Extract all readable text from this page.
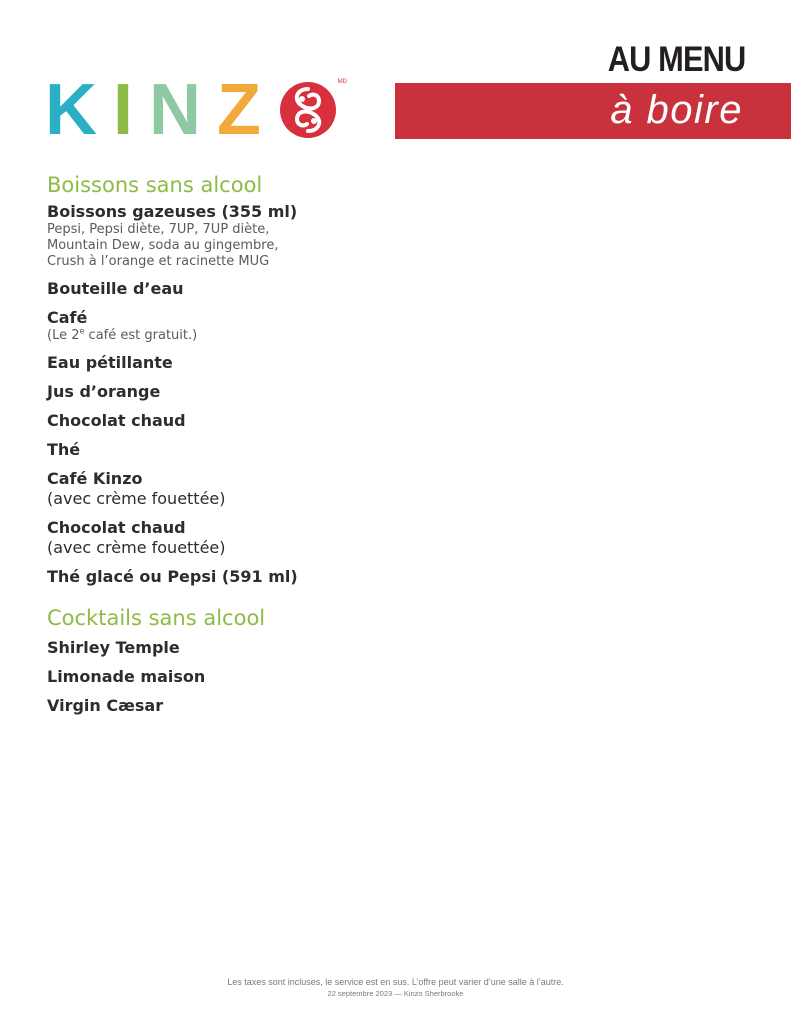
K I N Z	MD
AU MENU
à boire
Boissons sans alcool
Boissons gazeuses (355 ml)
Pepsi, Pepsi diète, 7UP, 7UP diète,
Mountain Dew, soda au gingembre,
Crush à l’orange et racinette MUG
Bouteille d’eau
Café
(Le 2e café est gratuit.)
Eau pétillante
Jus d’orange
Chocolat chaud
Thé
Café Kinzo
(avec crème fouettée)
Chocolat chaud
(avec crème fouettée)
Thé glacé ou Pepsi (591 ml)
Cocktails sans alcool
Shirley Temple
Limonade maison
Virgin Cæsar
Les taxes sont incluses, le service est en sus. L’offre peut varier d’une salle à l’autre.
22 septembre 2023 — Kinzo Sherbrooke
